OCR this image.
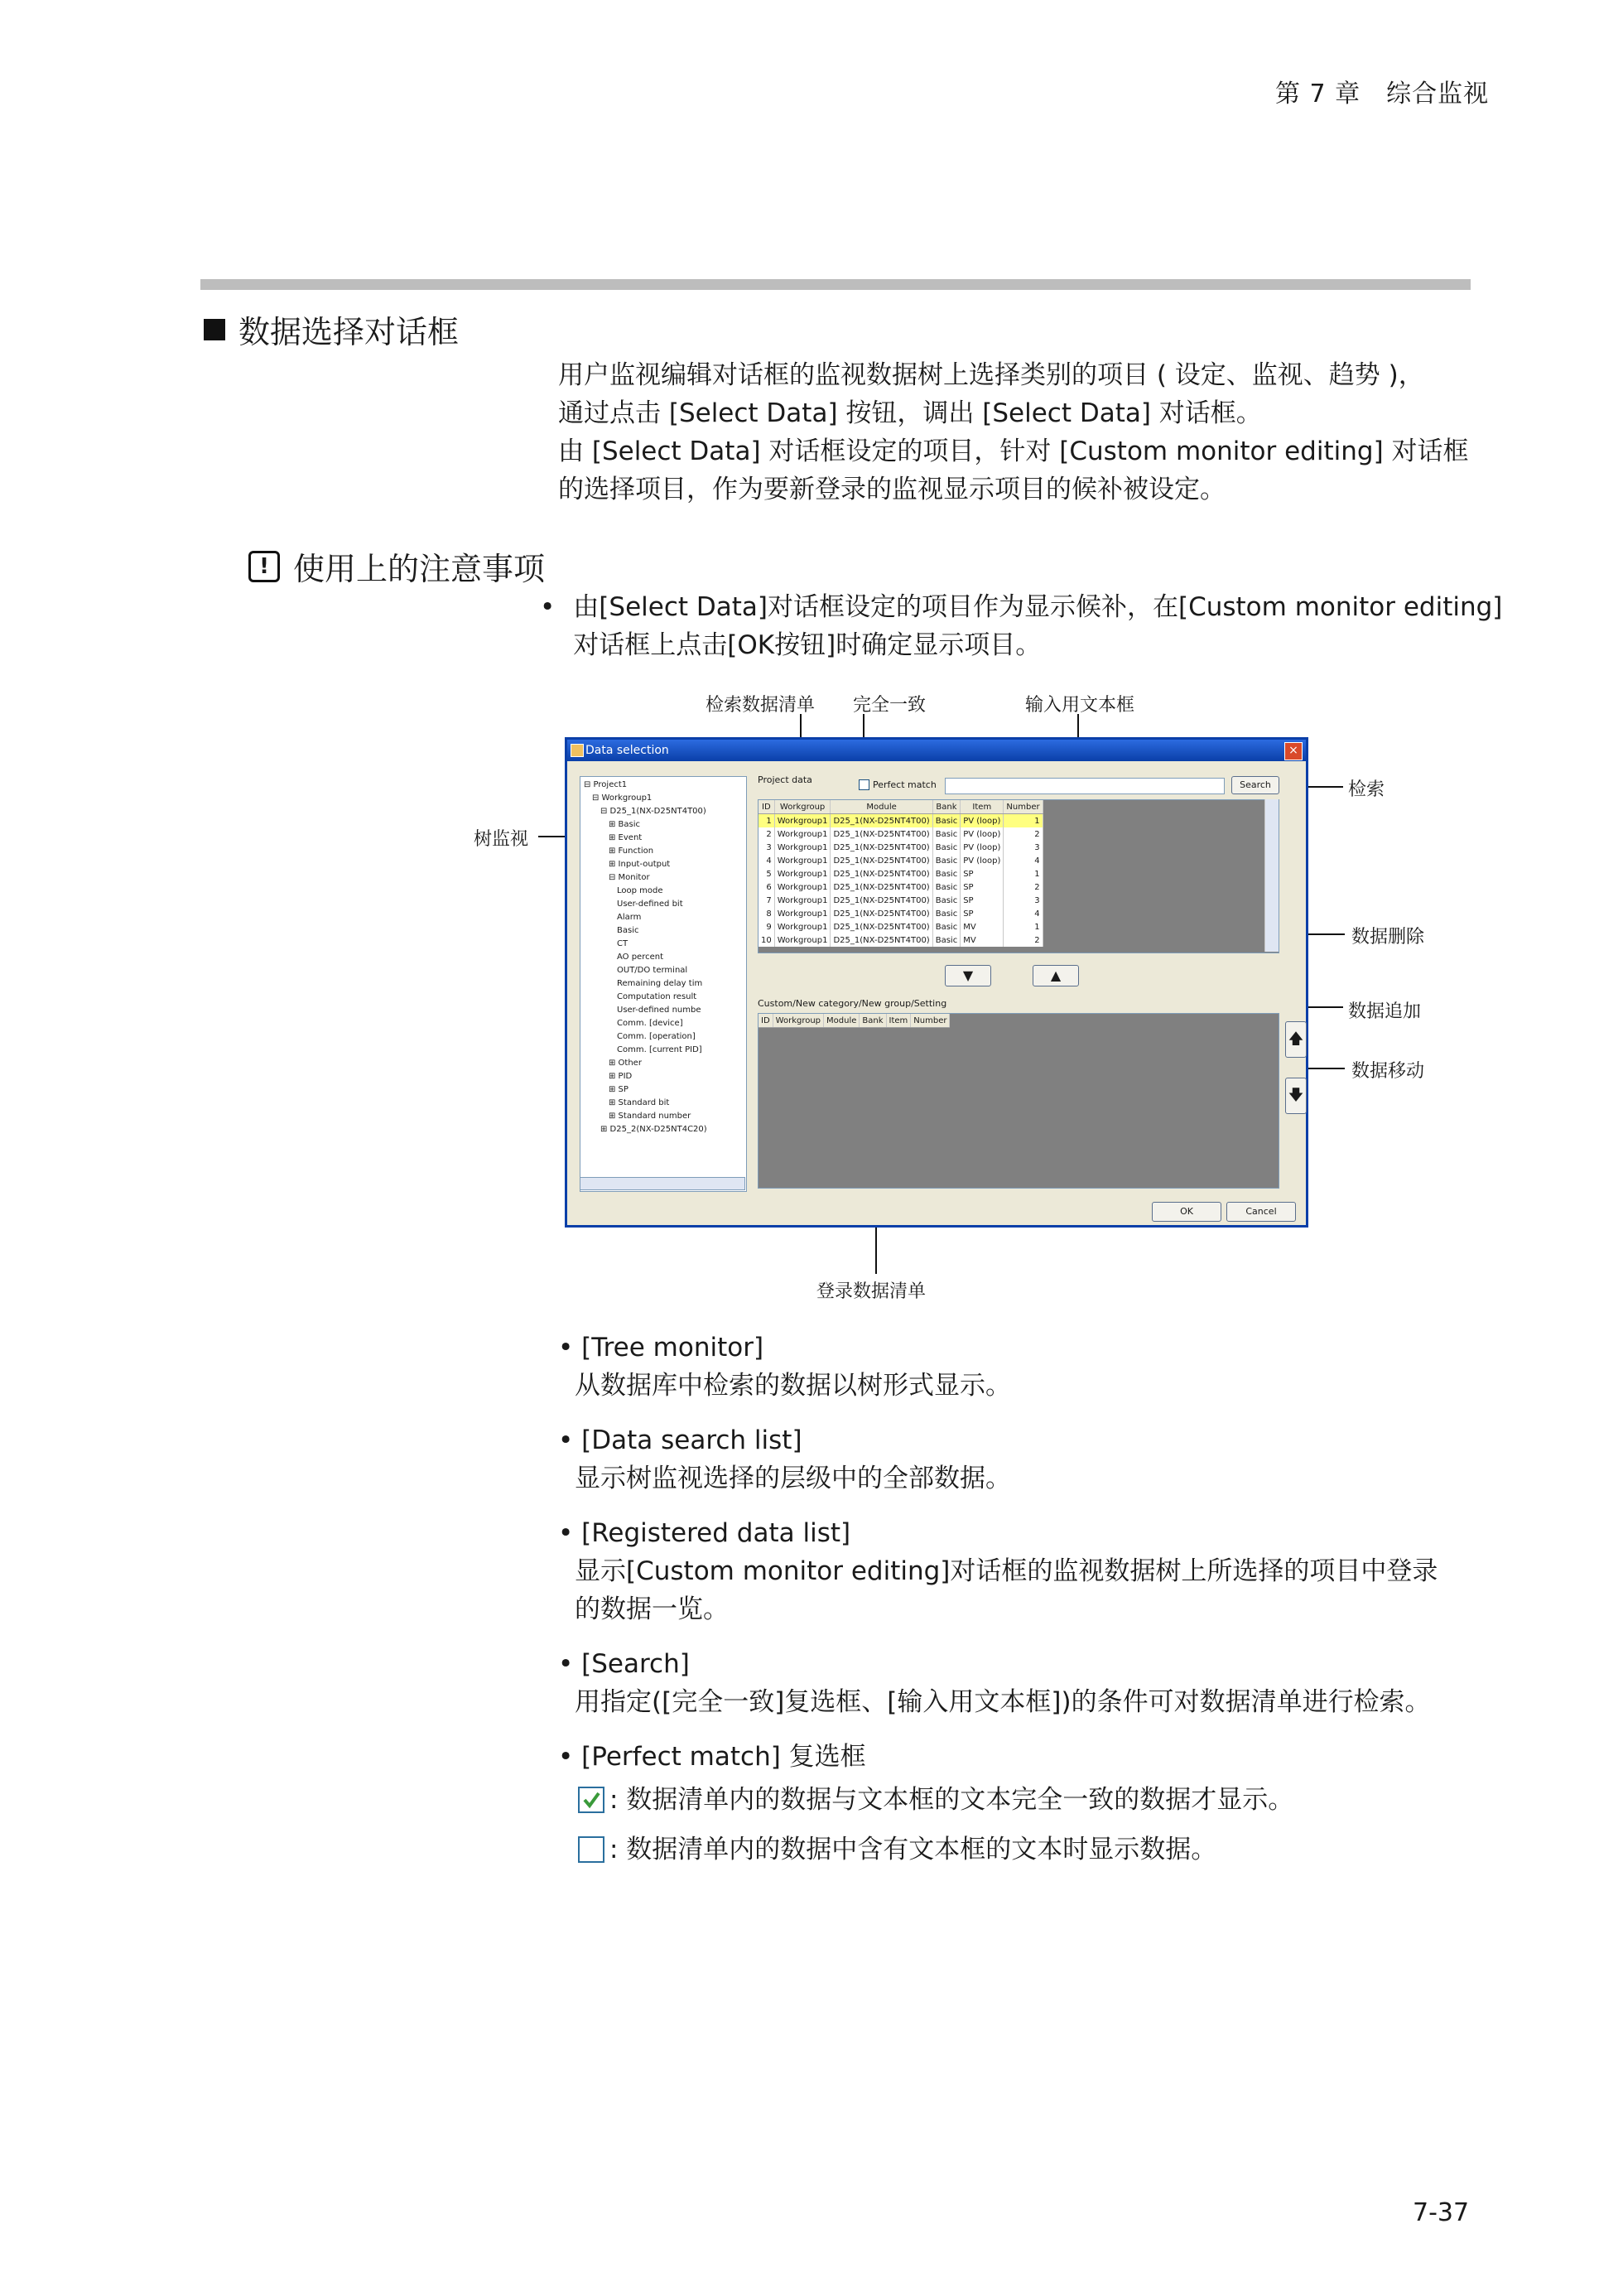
第 7 章　综合监视
数据选择对话框
用户监视编辑对话框的监视数据树上选择类别的项目 ( 设定、监视、趋势 )，
通过点击 [Select Data] 按钮，调出 [Select Data] 对话框。
由 [Select Data] 对话框设定的项目，针对 [Custom monitor editing] 对话框
的选择项目，作为要新登录的监视显示项目的候补被设定。
! 使用上的注意事项
• 由[Select Data]对话框设定的项目作为显示候补，在[Custom monitor editing]
对话框上点击[OK按钮]时确定显示项目。
检索数据清单 完全一致	输入用文本框
检索
树监视
数据删除
数据追加
数据移动
登录数据清单
Data selection	×
⊟ Project1
　⊟ Workgroup1
　　⊟ D25_1(NX-D25NT4T00)
　　　⊞ Basic
　　　⊞ Event
　　　⊞ Function
　　　⊞ Input-output
　　　⊟ Monitor
　　　　Loop mode
　　　　User-defined bit
　　　　Alarm
　　　　Basic
　　　　CT
　　　　AO percent
　　　　OUT/DO terminal
　　　　Remaining delay tim
　　　　Computation result
　　　　User-defined numbe
　　　　Comm. [device]
　　　　Comm. [operation]
　　　　Comm. [current PID]
　　　⊞ Other
　　　⊞ PID
　　　⊞ SP
　　　⊞ Standard bit
　　　⊞ Standard number
　　⊞ D25_2(NX-D25NT4C20)
Project data	Perfect match	Search
ID	Workgroup	Module	Bank	Item	Number
1	Workgroup1	D25_1(NX-D25NT4T00)	Basic	PV (loop)	1
2	Workgroup1	D25_1(NX-D25NT4T00)	Basic	PV (loop)	2
3	Workgroup1	D25_1(NX-D25NT4T00)	Basic	PV (loop)	3
4	Workgroup1	D25_1(NX-D25NT4T00)	Basic	PV (loop)	4
5	Workgroup1	D25_1(NX-D25NT4T00)	Basic	SP	1
6	Workgroup1	D25_1(NX-D25NT4T00)	Basic	SP	2
7	Workgroup1	D25_1(NX-D25NT4T00)	Basic	SP	3
8	Workgroup1	D25_1(NX-D25NT4T00)	Basic	SP	4
9	Workgroup1	D25_1(NX-D25NT4T00)	Basic	MV	1
10	Workgroup1	D25_1(NX-D25NT4T00)	Basic	MV	2
▼	▲
Custom/New category/New group/Setting
ID	Workgroup	Module	Bank	Item	Number
🡅
🡇
OK	Cancel
• [Tree monitor]
从数据库中检索的数据以树形式显示。
• [Data search list]
显示树监视选择的层级中的全部数据。
• [Registered data list]
显示[Custom monitor editing]对话框的监视数据树上所选择的项目中登录
的数据一览。
• [Search]
用指定([完全一致]复选框、[输入用文本框])的条件可对数据清单进行检索。
• [Perfect match] 复选框
: 数据清单内的数据与文本框的文本完全一致的数据才显示。
: 数据清单内的数据中含有文本框的文本时显示数据。
7-37
